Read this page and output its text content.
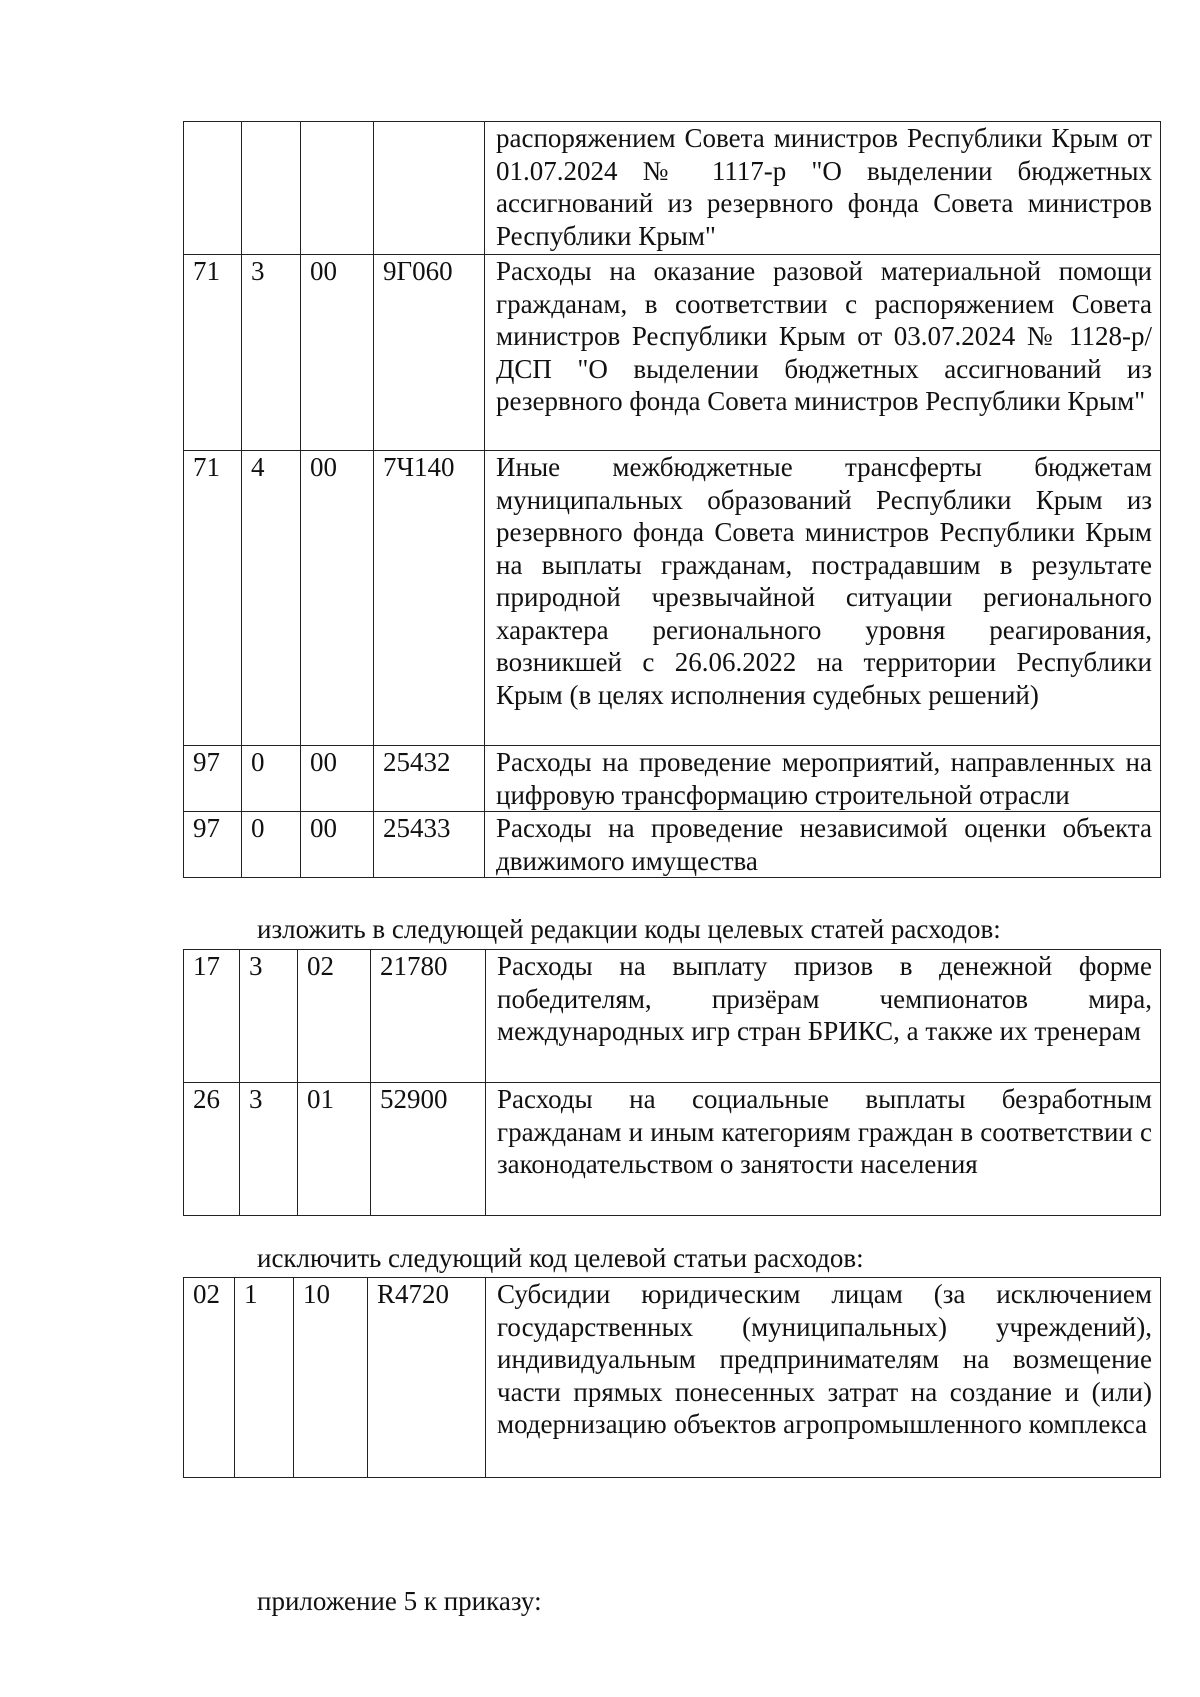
				распоряжением Совета министров Республики Крым от 01.07.2024 № 1117-р "О выделении бюджетных ассигнований из резервного фонда Совета министров Республики Крым"
71	3	00	9Г060	Расходы на оказание разовой материальной помощи гражданам, в соответствии с распоряжением Совета министров Республики Крым от 03.07.2024 № 1128-р/ДСП "О выделении бюджетных ассигнований из резервного фонда Совета министров Республики Крым"
71	4	00	7Ч140	Иные межбюджетные трансферты бюджетам муниципальных образований Республики Крым из резервного фонда Совета министров Республики Крым на выплаты гражданам, пострадавшим в результате природной чрезвычайной ситуации регионального характера регионального уровня реагирования, возникшей с 26.06.2022 на территории Республики Крым (в целях исполнения судебных решений)
97	0	00	25432	Расходы на проведение мероприятий, направленных на цифровую трансформацию строительной отрасли
97	0	00	25433	Расходы на проведение независимой оценки объекта движимого имущества

изложить в следующей редакции коды целевых статей расходов:

17	3	02	21780	Расходы на выплату призов в денежной форме победителям, призёрам чемпионатов мира, международных игр стран БРИКС, а также их тренерам
26	3	01	52900	Расходы на социальные выплаты безработным гражданам и иным категориям граждан в соответствии с законодательством о занятости населения

исключить следующий код целевой статьи расходов:

02	1	10	R4720	Субсидии юридическим лицам (за исключением государственных (муниципальных) учреждений), индивидуальным предпринимателям на возмещение части прямых понесенных затрат на создание и (или) модернизацию объектов агропромышленного комплекса

приложение 5 к приказу:
